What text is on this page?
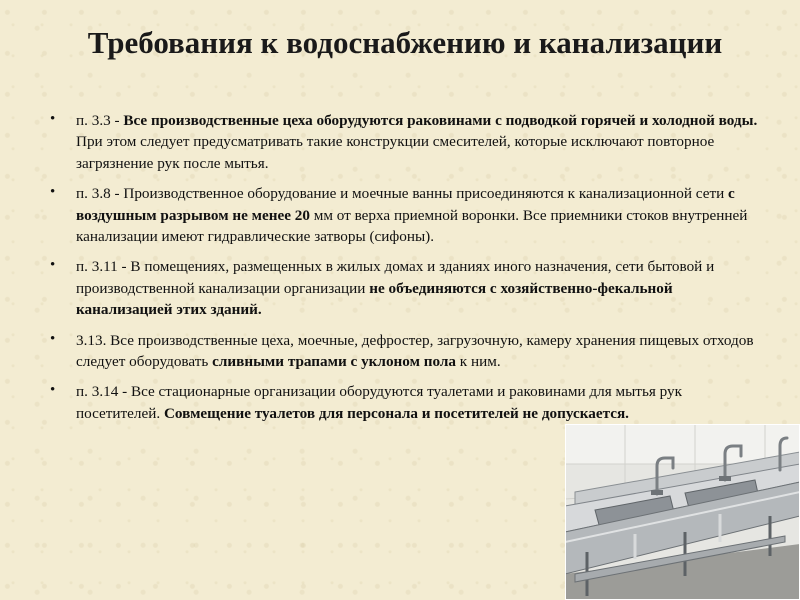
Требования к водоснабжению и канализации
• п. 3.3 - Все производственные цеха оборудуются раковинами с подводкой горячей и холодной воды. При этом следует предусматривать такие конструкции смесителей, которые исключают повторное загрязнение рук после мытья.
• п. 3.8 - Производственное оборудование и моечные ванны присоединяются к канализационной сети с воздушным разрывом не менее 20 мм от верха приемной воронки. Все приемники стоков внутренней канализации имеют гидравлические затворы (сифоны).
• п. 3.11 - В помещениях, размещенных в жилых домах и зданиях иного назначения, сети бытовой и производственной канализации организации не объединяются с хозяйственно-фекальной канализацией этих зданий.
• 3.13. Все производственные цеха, моечные, дефростер, загрузочную, камеру хранения пищевых отходов следует оборудовать сливными трапами с уклоном пола к ним.
• п. 3.14 - Все стационарные организации оборудуются туалетами и раковинами для мытья рук посетителей. Совмещение туалетов для персонала и посетителей не допускается.
